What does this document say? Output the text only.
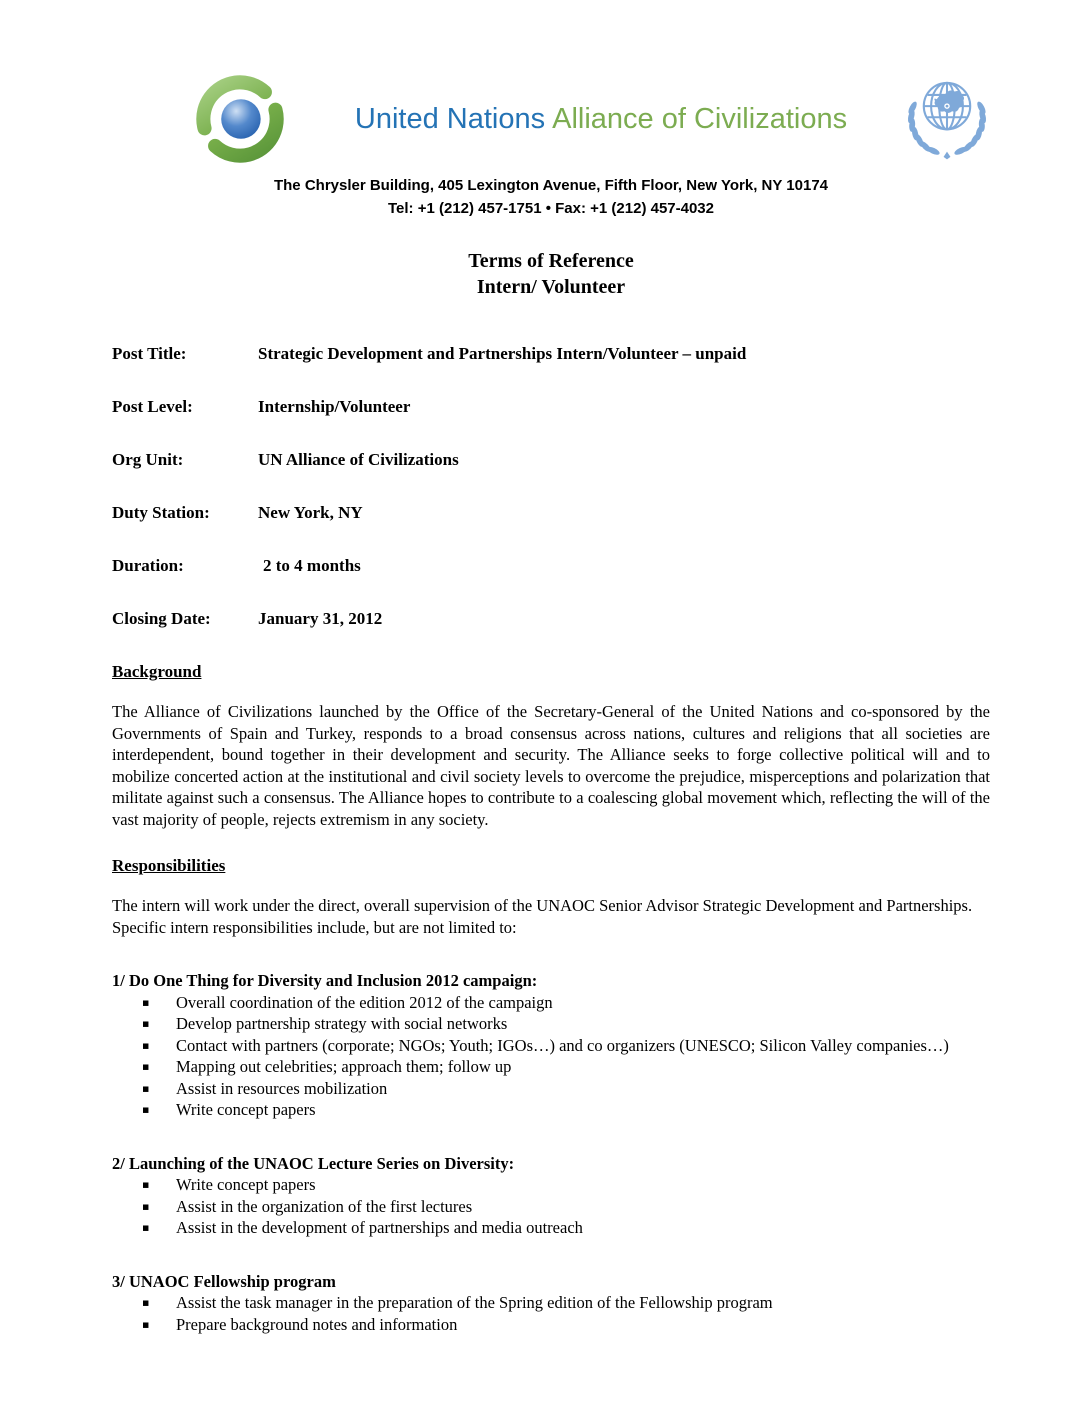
United Nations Alliance of Civilizations
The Chrysler Building, 405 Lexington Avenue, Fifth Floor, New York, NY 10174
Tel: +1 (212) 457-1751 • Fax: +1 (212) 457-4032
Terms of Reference
Intern/ Volunteer
Post Title:	Strategic Development and Partnerships Intern/Volunteer – unpaid
Post Level:	Internship/Volunteer
Org Unit:	UN Alliance of Civilizations
Duty Station:	New York, NY
Duration:	2 to 4 months
Closing Date:	January 31, 2012
Background
The Alliance of Civilizations launched by the Office of the Secretary-General of the United Nations and co-sponsored by the Governments of Spain and Turkey, responds to a broad consensus across nations, cultures and religions that all societies are interdependent, bound together in their development and security. The Alliance seeks to forge collective political will and to mobilize concerted action at the institutional and civil society levels to overcome the prejudice, misperceptions and polarization that militate against such a consensus. The Alliance hopes to contribute to a coalescing global movement which, reflecting the will of the vast majority of people, rejects extremism in any society.
Responsibilities
The intern will work under the direct, overall supervision of the UNAOC Senior Advisor Strategic Development and Partnerships. Specific intern responsibilities include, but are not limited to:
1/ Do One Thing for Diversity and Inclusion 2012 campaign:
▪	Overall coordination of the edition 2012 of the campaign
▪	Develop partnership strategy with social networks
▪	Contact with partners (corporate; NGOs; Youth; IGOs…) and co organizers (UNESCO; Silicon Valley companies…)
▪	Mapping out celebrities; approach them; follow up
▪	Assist in resources mobilization
▪	Write concept papers
2/ Launching of the UNAOC Lecture Series on Diversity:
▪	Write concept papers
▪	Assist in the organization of the first lectures
▪	Assist in the development of partnerships and media outreach
3/ UNAOC Fellowship program
▪	Assist the task manager in the preparation of the Spring edition of the Fellowship program
▪	Prepare background notes and information
